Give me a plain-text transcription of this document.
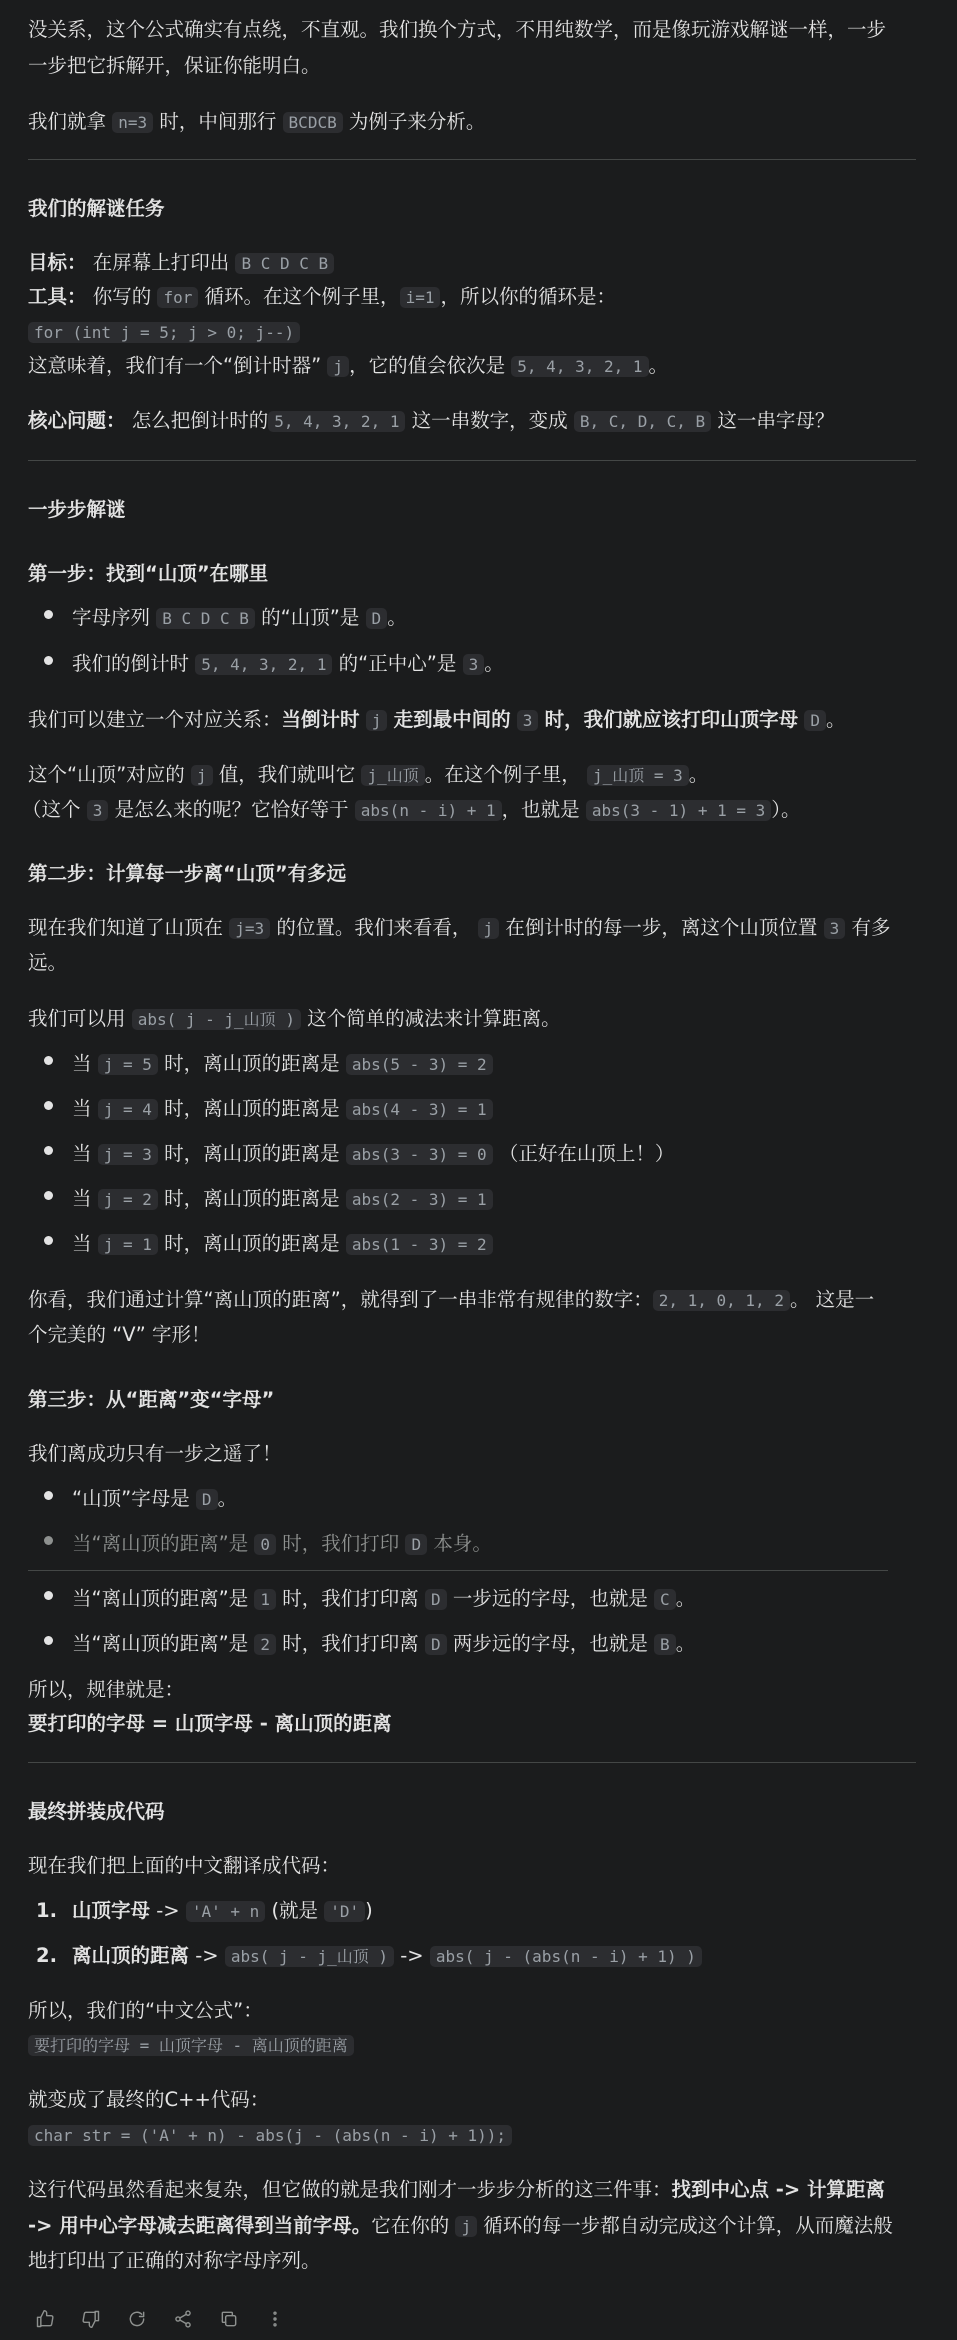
没关系，这个公式确实有点绕，不直观。我们换个方式，不用纯数学，而是像玩游戏解谜一样，一步
一步把它拆解开，保证你能明白。
我们就拿 n=3 时，中间那行 BCDCB 为例子来分析。
我们的解谜任务
目标： 在屏幕上打印出 B C D C B
工具： 你写的 for 循环。在这个例子里， i=1 ，所以你的循环是：
for (int j = 5; j > 0; j--)
这意味着，我们有一个“倒计时器” j ，它的值会依次是 5, 4, 3, 2, 1 。
核心问题： 怎么把倒计时的 5, 4, 3, 2, 1 这一串数字，变成 B, C, D, C, B 这一串字母？
一步步解谜
第一步：找到“山顶”在哪里
字母序列 B C D C B 的“山顶”是 D 。
我们的倒计时 5, 4, 3, 2, 1 的“正中心”是 3 。
我们可以建立一个对应关系：当倒计时 j 走到最中间的 3 时，我们就应该打印山顶字母 D 。
这个“山顶”对应的 j 值，我们就叫它 j_山顶 。在这个例子里， j_山顶 = 3 。
（这个 3 是怎么来的呢？它恰好等于 abs(n - i) + 1 ，也就是 abs(3 - 1) + 1 = 3 ）。
第二步：计算每一步离“山顶”有多远
现在我们知道了山顶在 j=3 的位置。我们来看看， j 在倒计时的每一步，离这个山顶位置 3 有多
远。
我们可以用 abs( j - j_山顶 ) 这个简单的减法来计算距离。
当 j = 5 时，离山顶的距离是 abs(5 - 3) = 2
当 j = 4 时，离山顶的距离是 abs(4 - 3) = 1
当 j = 3 时，离山顶的距离是 abs(3 - 3) = 0 （正好在山顶上！）
当 j = 2 时，离山顶的距离是 abs(2 - 3) = 1
当 j = 1 时，离山顶的距离是 abs(1 - 3) = 2
你看，我们通过计算“离山顶的距离”，就得到了一串非常有规律的数字： 2, 1, 0, 1, 2 。 这是一
个完美的 “V” 字形！
第三步：从“距离”变“字母”
我们离成功只有一步之遥了！
“山顶”字母是 D 。
当“离山顶的距离”是 0 时，我们打印 D 本身。
当“离山顶的距离”是 1 时，我们打印离 D 一步远的字母，也就是 C 。
当“离山顶的距离”是 2 时，我们打印离 D 两步远的字母，也就是 B 。
所以，规律就是：
要打印的字母 = 山顶字母 - 离山顶的距离
最终拼装成代码
现在我们把上面的中文翻译成代码：
1. 山顶字母 -> 'A' + n (就是 'D' )
2. 离山顶的距离 -> abs( j - j_山顶 ) -> abs( j - (abs(n - i) + 1) )
所以，我们的“中文公式”：
要打印的字母 = 山顶字母 - 离山顶的距离
就变成了最终的C++代码：
char str = ('A' + n) - abs(j - (abs(n - i) + 1));
这行代码虽然看起来复杂，但它做的就是我们刚才一步步分析的这三件事：找到中心点 -> 计算距离
-> 用中心字母减去距离得到当前字母。它在你的 j 循环的每一步都自动完成这个计算，从而魔法般
地打印出了正确的对称字母序列。
